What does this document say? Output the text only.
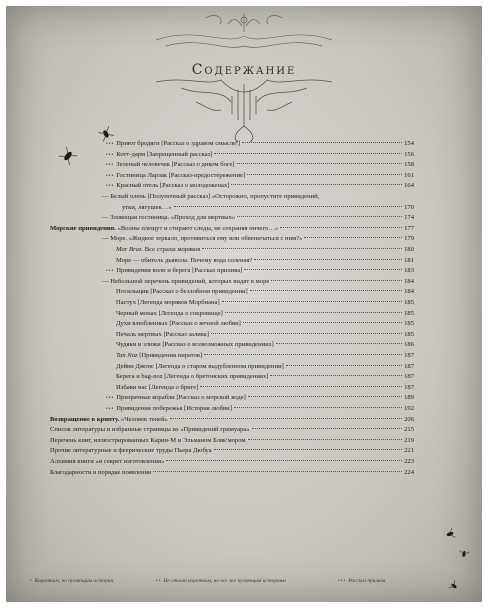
Содержание
••• Приют бродяги [Рассказ о здравом смысле!]	154
••• Котт-дарм [Запрещенный рассказ]	156
••• Зеленый человечек [Рассказ о диком боге]	158
••• Гостиница Ларзак [Рассказ-предостережение]	161
••• Красный отель [Рассказ о молодоженах]	164
— Белый олень [Полуночный рассказ] «Осторожно, пропустите привидений,
утки, лягушек…»	170
— Зловещая гостиница. «Проход для мертвых»	174
Морские привидения. «Волны плещут и стирают следы, не сохраняя ничего…»	177
— Море. «Жидкое зеркало, противиться ему или обвеничаться с ним?»	179
Mor Braz. Все страхи моряков	180
Море — обитель дьявола. Почему вода соленая?	181
••• Привидения волн и берега [Рассказ прилива]	183
— Небольшой перечень привидений, которых видят в море	184
Носильщик [Рассказ о безлобном привидении]	184
Пастух [Легенда моряков Морбиана]	185
Черный монах [Легенда о сокровище]	185
Духи влюбленных [Рассказ о вечной любви]	185
Печаль мертвых [Рассказ залива]	185
Чудяки и злюки [Рассказ о всевозможных привидениях]	186
Tan Noz [Привидения пиратов]	187
Дейви Джонс [Легенда о старом выдубленном привидении]	187
Берега и bag-noz [Легенда о бретонских привидениях]	187
Избави нас [Легенда о бриге]	187
••• Призрачные корабли [Рассказ о морской воде]	189
••• Привидения побережья [История любви]	192
Возвращение в крипту. «Человек теней»	206
Список литературы и избранные страницы из «Привидений гримуара»	215
Перечень книг, иллюстрированных Карин-М и Эльманом Бляк'мором	219
Прочие литературные и феерические труды Пьера Дюбуа	221
Алхимия книги «и секрет изготовления»	223
Благодарности в порядке появления	224
• Коротким, но пугающим истории	•• Не стоит коротким, но все же пугающим историям	••• Рассказ прилива
